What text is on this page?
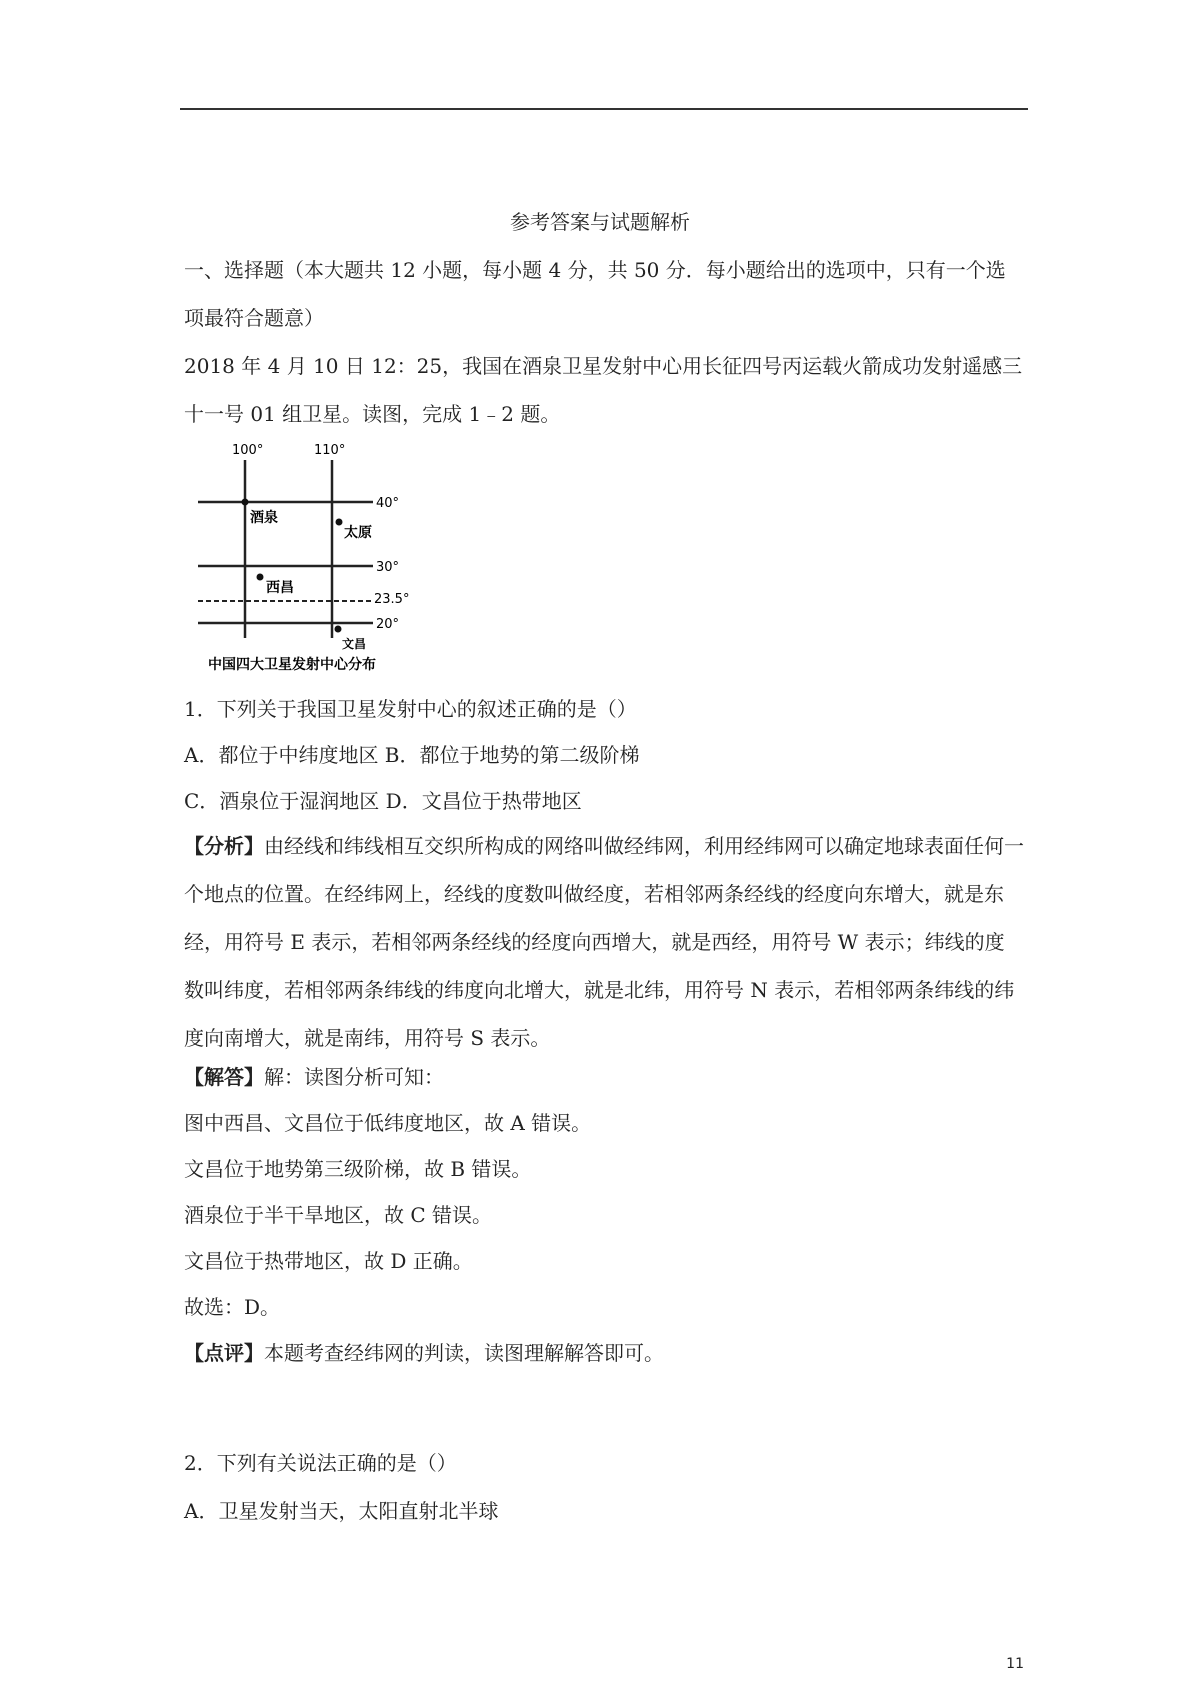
参考答案与试题解析
一、选择题（本大题共 12 小题，每小题 4 分，共 50 分．每小题给出的选项中，只有一个选项最符合题意）
2018 年 4 月 10 日 12：25，我国在酒泉卫星发射中心用长征四号丙运载火箭成功发射遥感三十一号 01 组卫星。读图，完成 1﹣2 题。
100°	110°
40°
30°
23.5°
20°
酒泉
太原
西昌
文昌
中国四大卫星发射中心分布
1．下列关于我国卫星发射中心的叙述正确的是（）
A．都位于中纬度地区 B．都位于地势的第二级阶梯
C．酒泉位于湿润地区 D．文昌位于热带地区
【分析】由经线和纬线相互交织所构成的网络叫做经纬网，利用经纬网可以确定地球表面任何一个地点的位置。在经纬网上，经线的度数叫做经度，若相邻两条经线的经度向东增大，就是东经，用符号 E 表示，若相邻两条经线的经度向西增大，就是西经，用符号 W 表示；纬线的度数叫纬度，若相邻两条纬线的纬度向北增大，就是北纬，用符号 N 表示，若相邻两条纬线的纬度向南增大，就是南纬，用符号 S 表示。
【解答】解：读图分析可知：
图中西昌、文昌位于低纬度地区，故 A 错误。
文昌位于地势第三级阶梯，故 B 错误。
酒泉位于半干旱地区，故 C 错误。
文昌位于热带地区，故 D 正确。
故选：D。
【点评】本题考查经纬网的判读，读图理解解答即可。
2．下列有关说法正确的是（）
A．卫星发射当天，太阳直射北半球
11
